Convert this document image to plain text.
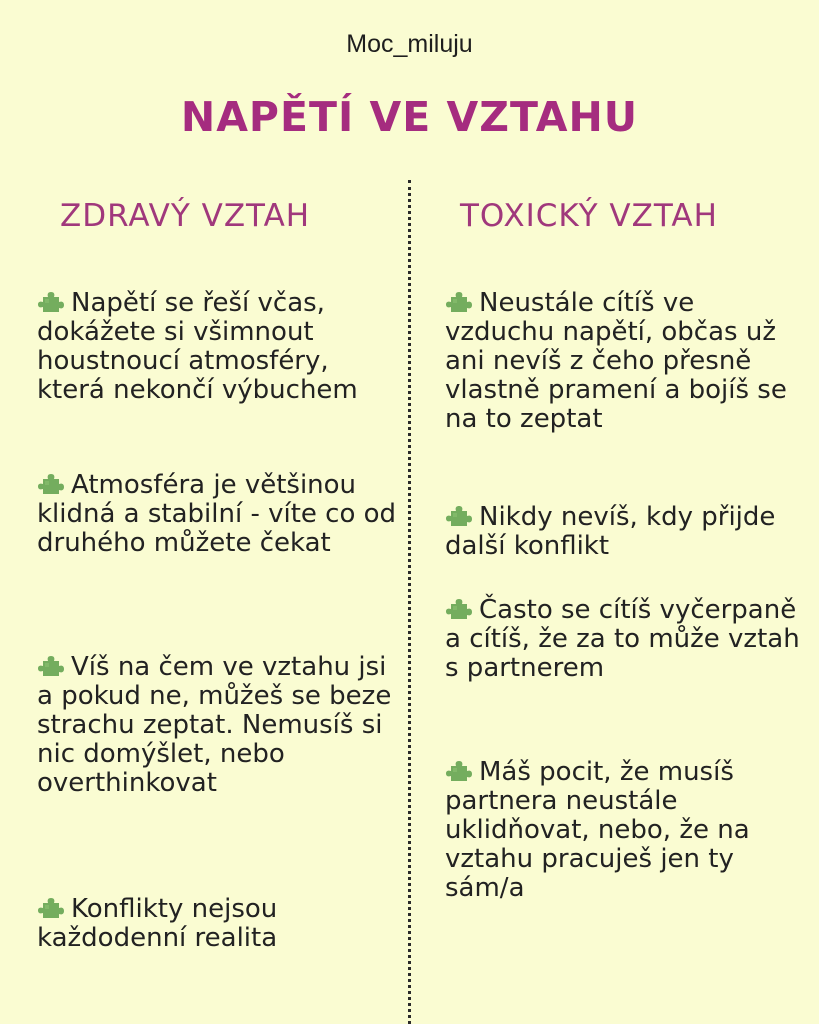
Moc_miluju
NAPĚTÍ VE VZTAHU
ZDRAVÝ VZTAH	TOXICKÝ VZTAH
Napětí se řeší včas, dokážete si všimnout houstnoucí atmosféry, která nekončí výbuchem
Atmosféra je většinou klidná a stabilní - víte co od druhého můžete čekat
Víš na čem ve vztahu jsi a pokud ne, můžeš se beze strachu zeptat. Nemusíš si nic domýšlet, nebo overthinkovat
Konflikty nejsou každodenní realita
Neustále cítíš ve vzduchu napětí, občas už ani nevíš z čeho přesně vlastně pramení a bojíš se na to zeptat
Nikdy nevíš, kdy přijde další konflikt
Často se cítíš vyčerpaně a cítíš, že za to může vztah s partnerem
Máš pocit, že musíš partnera neustále uklidňovat, nebo, že na vztahu pracuješ jen ty sám/a
